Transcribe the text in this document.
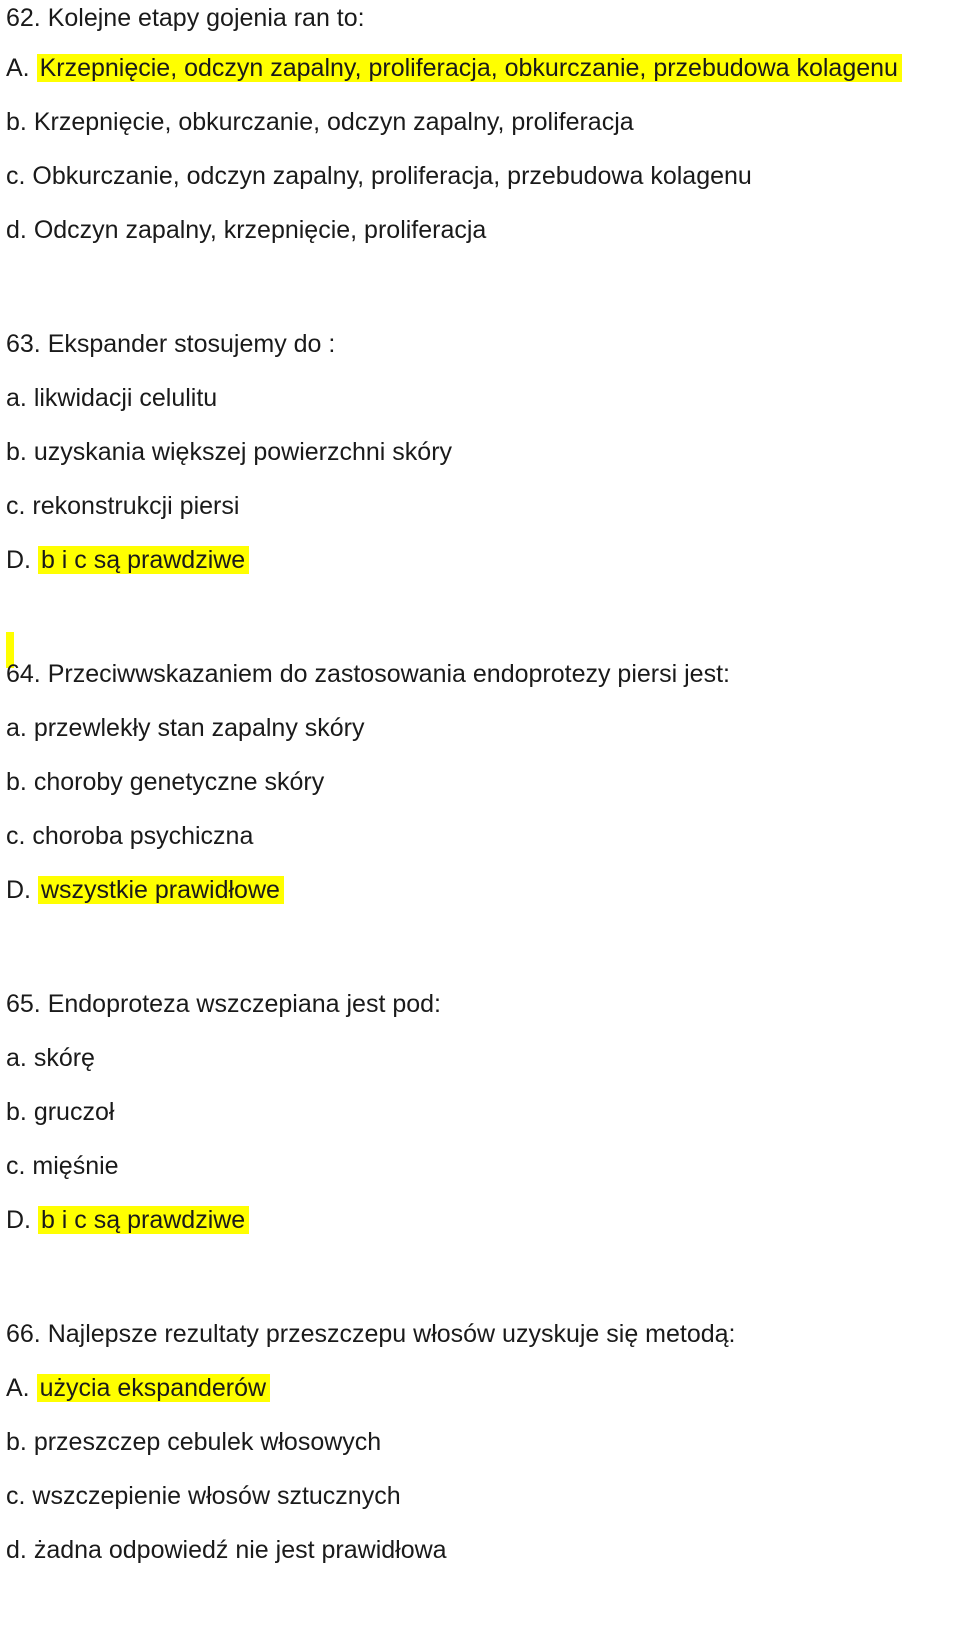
62. Kolejne etapy gojenia ran to:
A. Krzepnięcie, odczyn zapalny, proliferacja, obkurczanie, przebudowa kolagenu
b. Krzepnięcie, obkurczanie, odczyn zapalny, proliferacja
c. Obkurczanie, odczyn zapalny, proliferacja, przebudowa kolagenu
d. Odczyn zapalny, krzepnięcie, proliferacja
63. Ekspander stosujemy do :
a. likwidacji celulitu
b. uzyskania większej powierzchni skóry
c. rekonstrukcji piersi
D. b i c są prawdziwe
64. Przeciwwskazaniem do zastosowania endoprotezy piersi jest:
a. przewlekły stan zapalny skóry
b. choroby genetyczne skóry
c. choroba psychiczna
D. wszystkie prawidłowe
65. Endoproteza wszczepiana jest pod:
a. skórę
b. gruczoł
c. mięśnie
D. b i c są prawdziwe
66. Najlepsze rezultaty przeszczepu włosów uzyskuje się metodą:
A. użycia ekspanderów
b. przeszczep cebulek włosowych
c. wszczepienie włosów sztucznych
d. żadna odpowiedź nie jest prawidłowa
